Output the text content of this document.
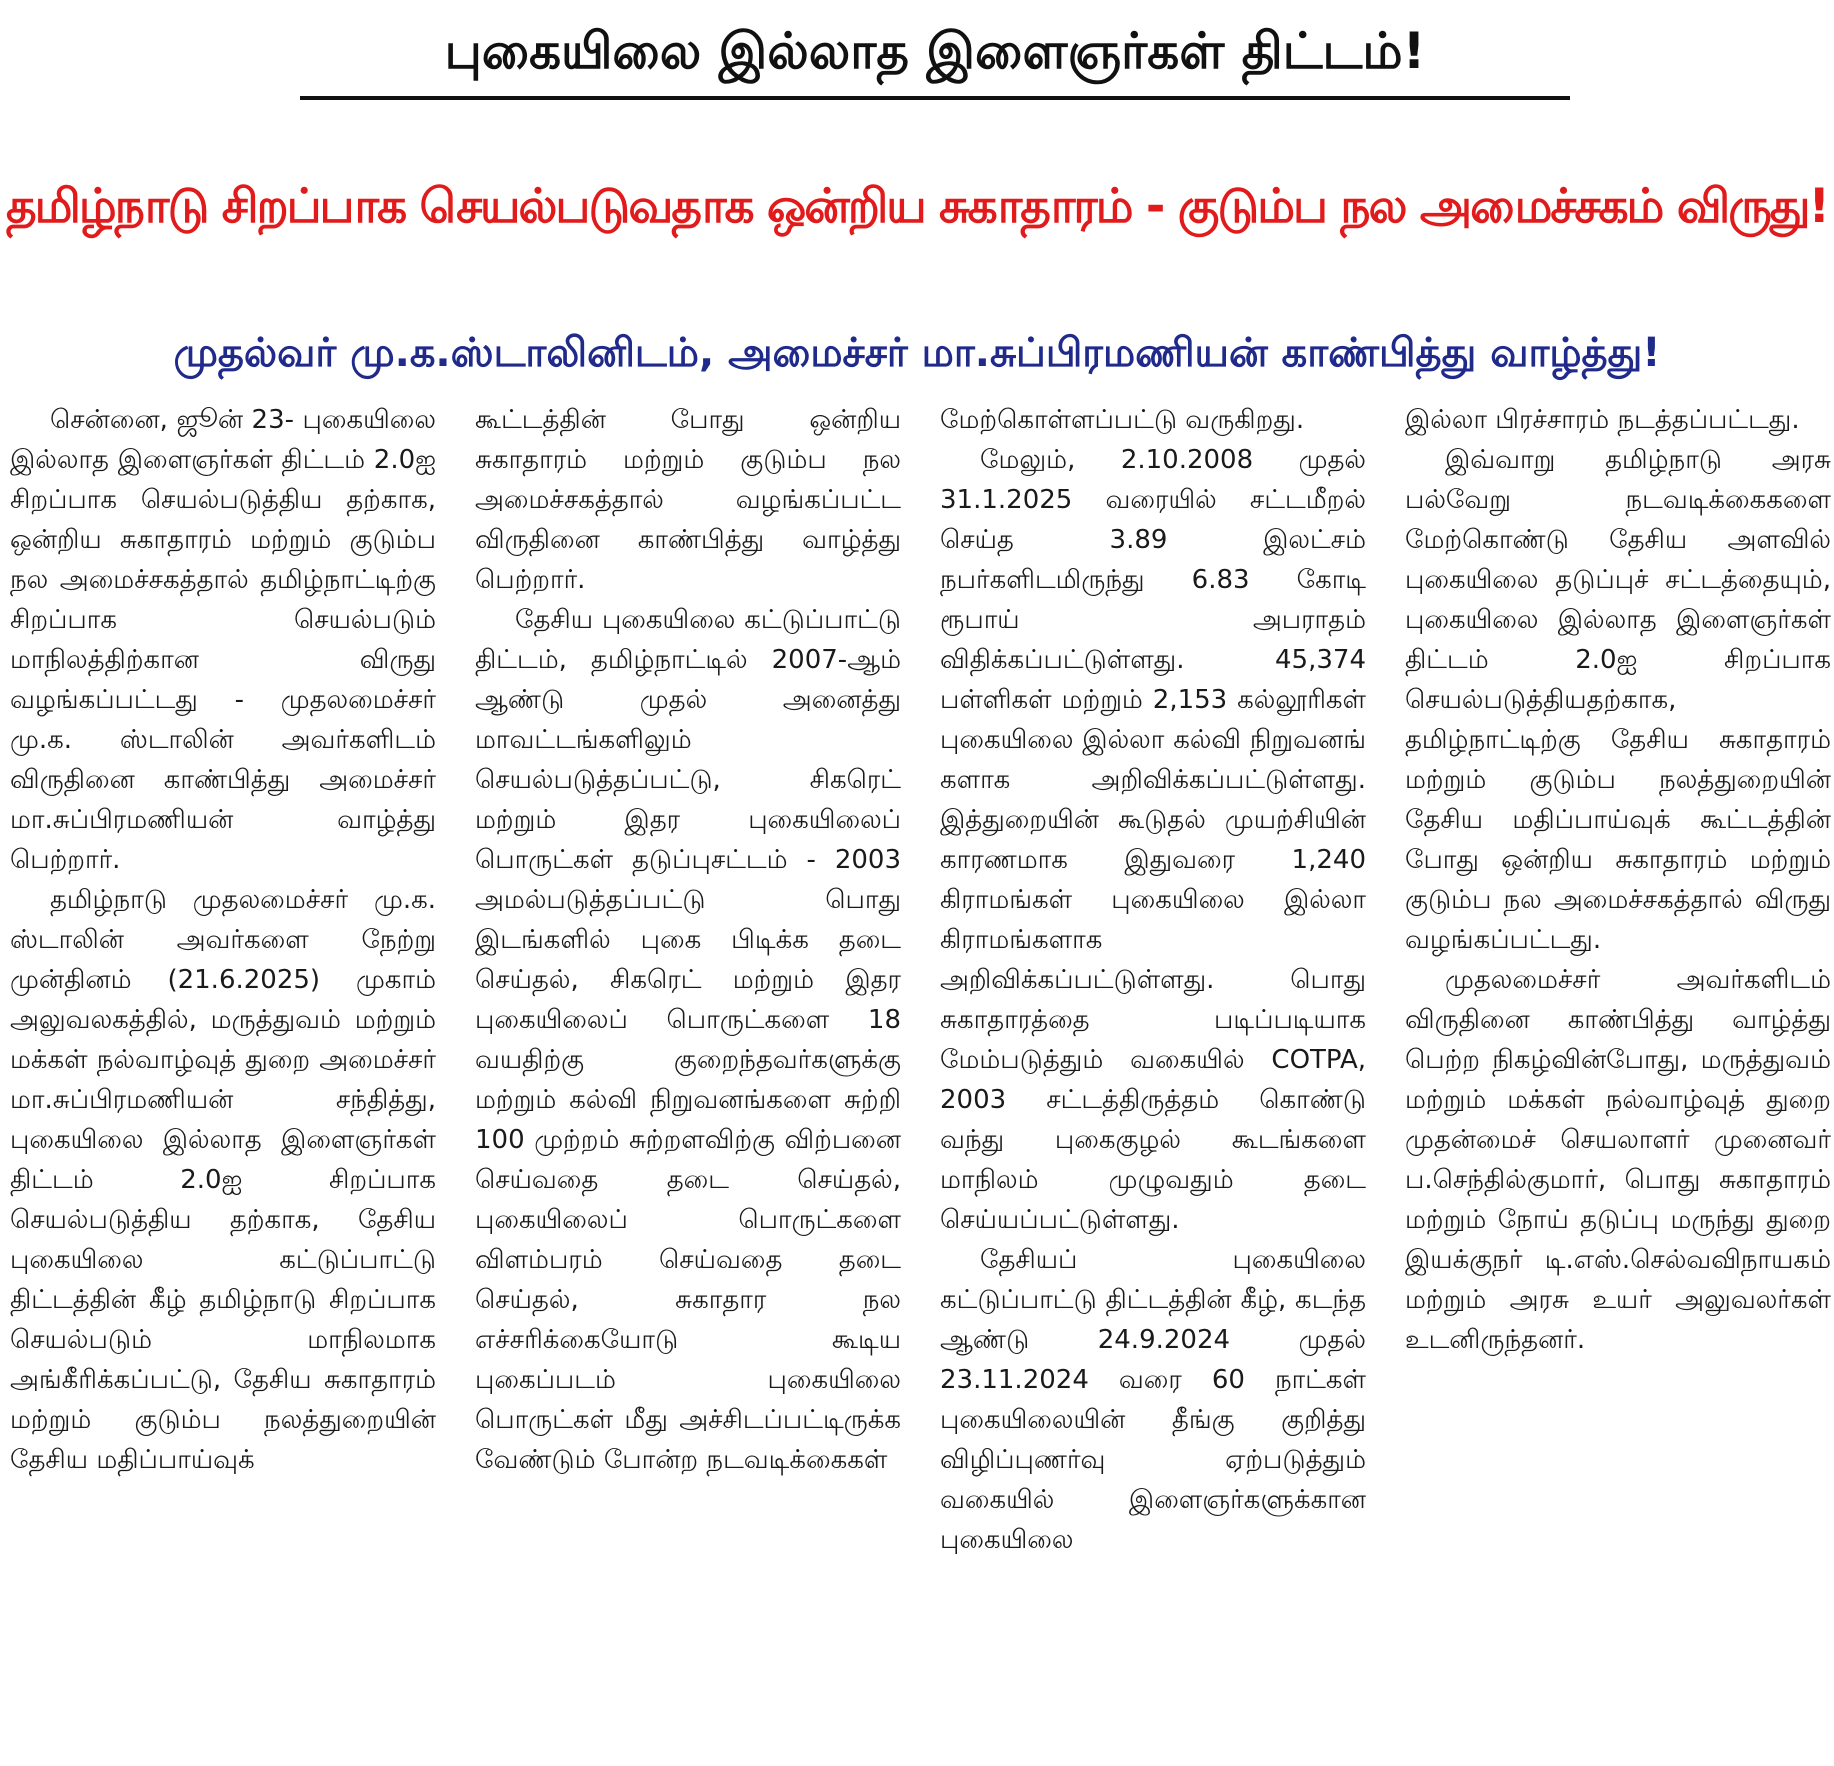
புகையிலை இல்லாத இளைஞர்கள் திட்டம்!
தமிழ்நாடு சிறப்பாக செயல்படுவதாக ஒன்றிய சுகாதாரம் - குடும்ப நல அமைச்சகம் விருது!
முதல்வர் மு.க.ஸ்டாலினிடம், அமைச்சர் மா.சுப்பிரமணியன் காண்பித்து வாழ்த்து!

சென்னை, ஜூன் 23- புகையிலை இல்லாத இளைஞர்கள் திட்டம் 2.0ஐ சிறப்பாக செயல்படுத்திய தற்காக, ஒன்றிய சுகாதாரம் மற்றும் குடும்ப நல அமைச்சகத்தால் தமிழ்நாட்டிற்கு சிறப்பாக செயல்படும் மாநிலத்திற்கான விருது வழங்கப்பட்டது - முதலமைச்சர் மு.க. ஸ்டாலின் அவர்களிடம் விருதினை காண்பித்து அமைச்சர் மா.சுப்பிரமணியன் வாழ்த்து பெற்றார்.

தமிழ்நாடு முதலமைச்சர் மு.க. ஸ்டாலின் அவர்களை நேற்று முன்தினம் (21.6.2025) முகாம் அலுவலகத்தில், மருத்துவம் மற்றும் மக்கள் நல்வாழ்வுத் துறை அமைச்சர் மா.சுப்பிரமணியன் சந்தித்து, புகையிலை இல்லாத இளைஞர்கள் திட்டம் 2.0ஐ சிறப்பாக செயல்படுத்திய தற்காக, தேசிய புகையிலை கட்டுப்பாட்டு திட்டத்தின் கீழ் தமிழ்நாடு சிறப்பாக செயல்படும் மாநிலமாக அங்கீரிக்கப்பட்டு, தேசிய சுகாதாரம் மற்றும் குடும்ப நலத்துறையின் தேசிய மதிப்பாய்வுக்

கூட்டத்தின் போது ஒன்றிய சுகாதாரம் மற்றும் குடும்ப நல அமைச்சகத்தால் வழங்கப்பட்ட விருதினை காண்பித்து வாழ்த்து பெற்றார்.

தேசிய புகையிலை கட்டுப்பாட்டு திட்டம், தமிழ்நாட்டில் 2007-ஆம் ஆண்டு முதல் அனைத்து மாவட்டங்களிலும் செயல்படுத்தப்பட்டு, சிகரெட் மற்றும் இதர புகையிலைப் பொருட்கள் தடுப்புசட்டம் - 2003 அமல்படுத்தப்பட்டு பொது இடங்களில் புகை பிடிக்க தடை செய்தல், சிகரெட் மற்றும் இதர புகையிலைப் பொருட்களை 18 வயதிற்கு குறைந்தவர்களுக்கு மற்றும் கல்வி நிறுவனங்களை சுற்றி 100 முற்றம் சுற்றளவிற்கு விற்பனை செய்வதை தடை செய்தல், புகையிலைப் பொருட்களை விளம்பரம் செய்வதை தடை செய்தல், சுகாதார நல எச்சரிக்கையோடு கூடிய புகைப்படம் புகையிலை பொருட்கள் மீது அச்சிடப்பட்டிருக்க வேண்டும் போன்ற நடவடிக்கைகள்

மேற்கொள்ளப்பட்டு வருகிறது.

மேலும், 2.10.2008 முதல் 31.1.2025 வரையில் சட்டமீறல் செய்த 3.89 இலட்சம் நபர்களிடமிருந்து 6.83 கோடி ரூபாய் அபராதம் விதிக்கப்பட்டுள்ளது. 45,374 பள்ளிகள் மற்றும் 2,153 கல்லூரிகள் புகையிலை இல்லா கல்வி நிறுவனங் களாக அறிவிக்கப்பட்டுள்ளது. இத்துறையின் கூடுதல் முயற்சியின் காரணமாக இதுவரை 1,240 கிராமங்கள் புகையிலை இல்லா கிராமங்களாக அறிவிக்கப்பட்டுள்ளது. பொது சுகாதாரத்தை படிப்படியாக மேம்படுத்தும் வகையில் COTPA, 2003 சட்டத்திருத்தம் கொண்டு வந்து புகைகுழல் கூடங்களை மாநிலம் முழுவதும் தடை செய்யப்பட்டுள்ளது.

தேசியப் புகையிலை கட்டுப்பாட்டு திட்டத்தின் கீழ், கடந்த ஆண்டு 24.9.2024 முதல் 23.11.2024 வரை 60 நாட்கள் புகையிலையின் தீங்கு குறித்து விழிப்புணர்வு ஏற்படுத்தும் வகையில் இளைஞர்களுக்கான புகையிலை

இல்லா பிரச்சாரம் நடத்தப்பட்டது.

இவ்வாறு தமிழ்நாடு அரசு பல்வேறு நடவடிக்கைகளை மேற்கொண்டு தேசிய அளவில் புகையிலை தடுப்புச் சட்டத்தையும், புகையிலை இல்லாத இளைஞர்கள் திட்டம் 2.0ஐ சிறப்பாக செயல்படுத்தியதற்காக, தமிழ்நாட்டிற்கு தேசிய சுகாதாரம் மற்றும் குடும்ப நலத்துறையின் தேசிய மதிப்பாய்வுக் கூட்டத்தின் போது ஒன்றிய சுகாதாரம் மற்றும் குடும்ப நல அமைச்சகத்தால் விருது வழங்கப்பட்டது.

முதலமைச்சர் அவர்களிடம் விருதினை காண்பித்து வாழ்த்து பெற்ற நிகழ்வின்போது, மருத்துவம் மற்றும் மக்கள் நல்வாழ்வுத் துறை முதன்மைச் செயலாளர் முனைவர் ப.செந்தில்குமார், பொது சுகாதாரம் மற்றும் நோய் தடுப்பு மருந்து துறை இயக்குநர் டி.எஸ்.செல்வவிநாயகம் மற்றும் அரசு உயர் அலுவலர்கள் உடனிருந்தனர்.
